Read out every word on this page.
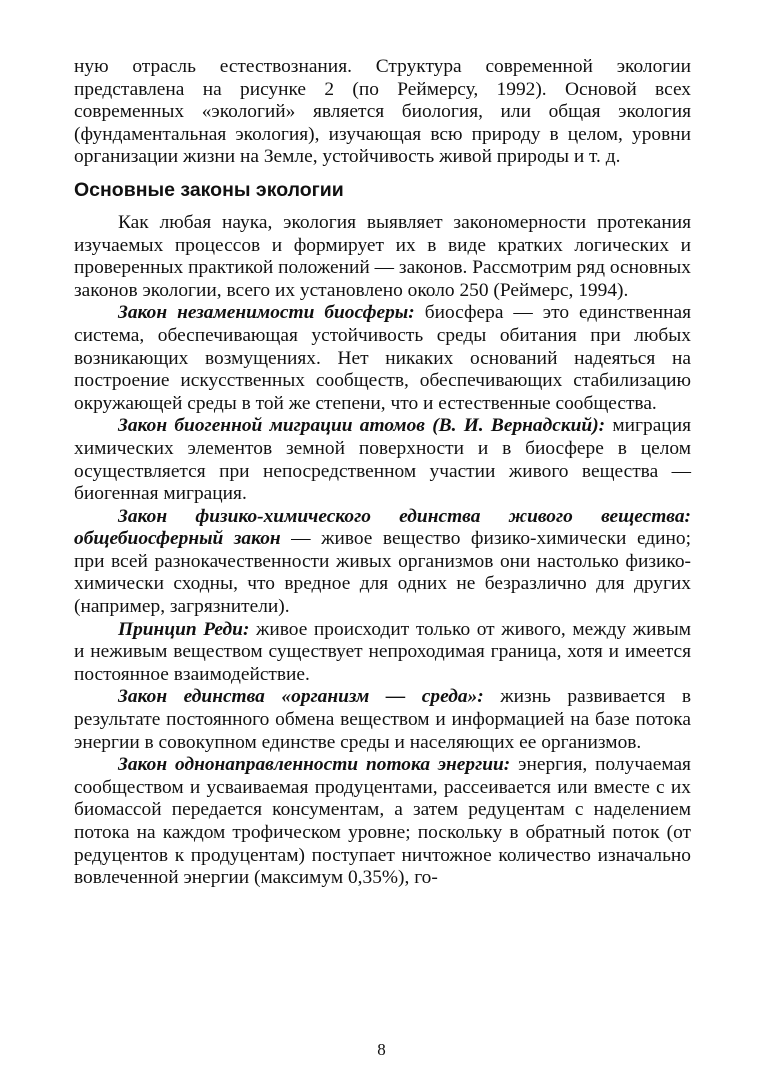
ную отрасль естествознания. Структура современной экологии представлена на рисунке 2 (по Реймерсу, 1992). Основой всех современных «экологий» является биология, или общая экология (фундаментальная экология), изучающая всю природу в целом, уровни организации жизни на Земле, устойчивость живой природы и т. д.

Основные законы экологии

Как любая наука, экология выявляет закономерности протекания изучаемых процессов и формирует их в виде кратких логических и проверенных практикой положений — законов. Рассмотрим ряд основных законов экологии, всего их установлено около 250 (Реймерс, 1994).

Закон незаменимости биосферы: биосфера — это единственная система, обеспечивающая устойчивость среды обитания при любых возникающих возмущениях. Нет никаких оснований надеяться на построение искусственных сообществ, обеспечивающих стабилизацию окружающей среды в той же степени, что и естественные сообщества.

Закон биогенной миграции атомов (В. И. Вернадский): миграция химических элементов земной поверхности и в биосфере в целом осуществляется при непосредственном участии живого вещества — биогенная миграция.

Закон физико-химического единства живого вещества: общебиосферный закон — живое вещество физико-химически едино; при всей разнокачественности живых организмов они настолько физико-химически сходны, что вредное для одних не безразлично для других (например, загрязнители).

Принцип Реди: живое происходит только от живого, между живым и неживым веществом существует непроходимая граница, хотя и имеется постоянное взаимодействие.

Закон единства «организм — среда»: жизнь развивается в результате постоянного обмена веществом и информацией на базе потока энергии в совокупном единстве среды и населяющих ее организмов.

Закон однонаправленности потока энергии: энергия, получаемая сообществом и усваиваемая продуцентами, рассеивается или вместе с их биомассой передается консументам, а затем редуцентам с наделением потока на каждом трофическом уровне; поскольку в обратный поток (от редуцентов к продуцентам) поступает ничтожное количество изначально вовлеченной энергии (максимум 0,35%), го-

8
